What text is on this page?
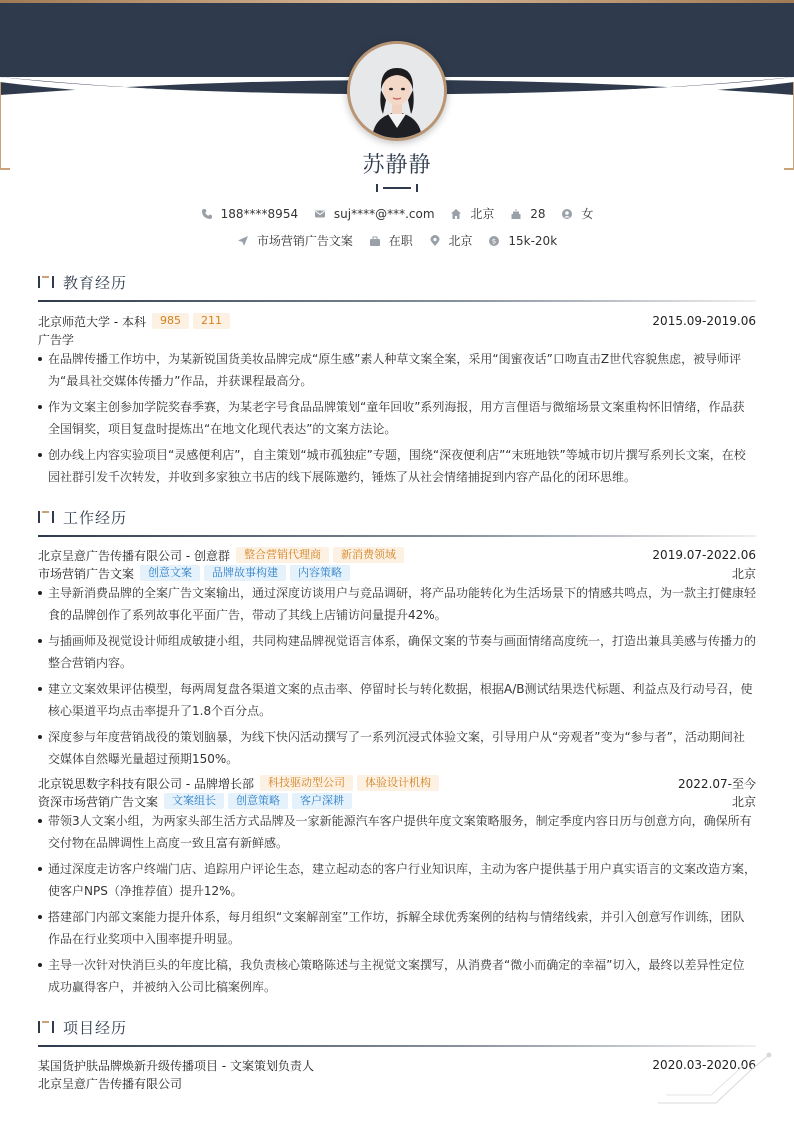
苏静静
188****8954
	suj****@***.com
	北京
	28
	女
市场营销广告文案
	在职
	北京
	$ 15k-20k
教育经历
北京师范大学 - 本科	985	211	2015.09-2019.06
广告学
在品牌传播工作坊中，为某新锐国货美妆品牌完成“原生感”素人种草文案全案，采用“闺蜜夜话”口吻直击Z世代容貌焦虑，被导师评为“最具社交媒体传播力”作品，并获课程最高分。
作为文案主创参加学院奖春季赛，为某老字号食品品牌策划“童年回收”系列海报，用方言俚语与微缩场景文案重构怀旧情绪，作品获全国铜奖，项目复盘时提炼出“在地文化现代表达”的文案方法论。
创办线上内容实验项目“灵感便利店”，自主策划“城市孤独症”专题，围绕“深夜便利店”“末班地铁”等城市切片撰写系列长文案，在校园社群引发千次转发，并收到多家独立书店的线下展陈邀约，锤炼了从社会情绪捕捉到内容产品化的闭环思维。
工作经历
北京呈意广告传播有限公司 - 创意群	整合营销代理商	新消费领域	2019.07-2022.06
市场营销广告文案	创意文案	品牌故事构建	内容策略	北京
主导新消费品牌的全案广告文案输出，通过深度访谈用户与竞品调研，将产品功能转化为生活场景下的情感共鸣点，为一款主打健康轻食的品牌创作了系列故事化平面广告，带动了其线上店铺访问量提升42%。
与插画师及视觉设计师组成敏捷小组，共同构建品牌视觉语言体系，确保文案的节奏与画面情绪高度统一，打造出兼具美感与传播力的整合营销内容。
建立文案效果评估模型，每两周复盘各渠道文案的点击率、停留时长与转化数据，根据A/B测试结果迭代标题、利益点及行动号召，使核心渠道平均点击率提升了1.8个百分点。
深度参与年度营销战役的策划脑暴，为线下快闪活动撰写了一系列沉浸式体验文案，引导用户从“旁观者”变为“参与者”，活动期间社交媒体自然曝光量超过预期150%。
北京锐思数字科技有限公司 - 品牌增长部	科技驱动型公司	体验设计机构	2022.07-至今
资深市场营销广告文案	文案组长	创意策略	客户深耕	北京
带领3人文案小组，为两家头部生活方式品牌及一家新能源汽车客户提供年度文案策略服务，制定季度内容日历与创意方向，确保所有交付物在品牌调性上高度一致且富有新鲜感。
通过深度走访客户终端门店、追踪用户评论生态，建立起动态的客户行业知识库，主动为客户提供基于用户真实语言的文案改造方案，使客户NPS（净推荐值）提升12%。
搭建部门内部文案能力提升体系，每月组织“文案解剖室”工作坊，拆解全球优秀案例的结构与情绪线索，并引入创意写作训练，团队作品在行业奖项中入围率提升明显。
主导一次针对快消巨头的年度比稿，我负责核心策略陈述与主视觉文案撰写，从消费者“微小而确定的幸福”切入，最终以差异性定位成功赢得客户，并被纳入公司比稿案例库。
项目经历
某国货护肤品牌焕新升级传播项目 - 文案策划负责人	2020.03-2020.06
北京呈意广告传播有限公司
